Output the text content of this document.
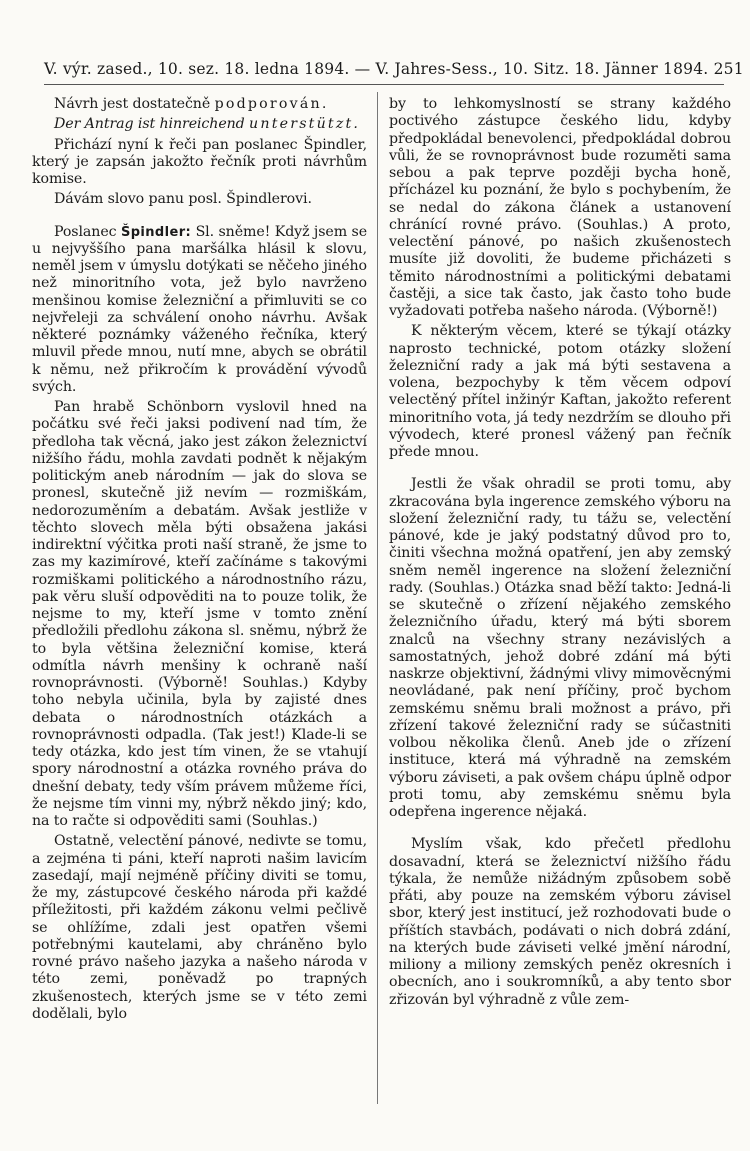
V. výr. zased., 10. sez. 18. ledna 1894. — V. Jahres-Sess., 10. Sitz. 18. Jänner 1894. 251

Návrh jest dostatečně podporován.

Der Antrag ist hinreichend unterstützt.

Přichází nyní k řeči pan poslanec Špindler, který je zapsán jakožto řečník proti návrhům komise.

Dávám slovo panu posl. Špindlerovi.

Poslanec Špindler: Sl. sněme! Když jsem se u nejvyššího pana maršálka hlásil k slovu, neměl jsem v úmyslu dotýkati se něčeho jiného než minoritního vota, jež bylo navrženo menšinou komise železniční a přimluviti se co nejvřeleji za schválení onoho návrhu. Avšak některé poznámky váženého řečníka, který mluvil přede mnou, nutí mne, abych se obrátil k němu, než přikročím k provádění vývodů svých.

Pan hrabě Schönborn vyslovil hned na počátku své řeči jaksi podivení nad tím, že předloha tak věcná, jako jest zákon železnictví nižšího řádu, mohla zavdati podnět k nějakým politickým aneb národním — jak do slova se pronesl, skutečně již nevím — rozmiškám, nedorozuměním a debatám. Avšak jestliže v těchto slovech měla býti obsažena jakási indirektní výčitka proti naší straně, že jsme to zas my kazimírové, kteří začínáme s takovými rozmiškami politického a národnostního rázu, pak věru sluší odpověditi na to pouze tolik, že nejsme to my, kteří jsme v tomto znění předložili předlohu zákona sl. sněmu, nýbrž že to byla většina železniční komise, která odmítla návrh menšiny k ochraně naší rovnoprávnosti. (Výborně! Souhlas.) Kdyby toho nebyla učinila, byla by zajisté dnes debata o národnostních otázkách a rovnoprávnosti odpadla. (Tak jest!) Klade-li se tedy otázka, kdo jest tím vinen, že se vtahují spory národnostní a otázka rovného práva do dnešní debaty, tedy vším právem můžeme říci, že nejsme tím vinni my, nýbrž někdo jiný; kdo, na to račte si odpověditi sami (Souhlas.)

Ostatně, velectění pánové, nedivte se tomu, a zejména ti páni, kteří naproti našim lavicím zasedají, mají nejméně příčiny diviti se tomu, že my, zástupcové českého národa při každé příležitosti, při každém zákonu velmi pečlivě se ohlížíme, zdali jest opatřen všemi potřebnými kautelami, aby chráněno bylo rovné právo našeho jazyka a našeho národa v této zemi, poněvadž po trapných zkušenostech, kterých jsme se v této zemi dodělali, bylo

by to lehkomyslností se strany každého poctivého zástupce českého lidu, kdyby předpokládal benevolenci, předpokládal dobrou vůli, že se rovnoprávnost bude rozuměti sama sebou a pak teprve později bycha honě, přícházel ku poznání, že bylo s pochybením, že se nedal do zákona článek a ustanovení chránící rovné právo. (Souhlas.) A proto, velectění pánové, po našich zkušenostech musíte již dovoliti, že budeme přicházeti s těmito národnostními a politickými debatami častěji, a sice tak často, jak často toho bude vyžadovati potřeba našeho národa. (Výborně!)

K některým věcem, které se týkají otázky naprosto technické, potom otázky složení železniční rady a jak má býti sestavena a volena, bezpochyby k těm věcem odpoví velectěný přítel inžinýr Kaftan, jakožto referent minoritního vota, já tedy nezdržím se dlouho při vývodech, které pronesl vážený pan řečník přede mnou.

Jestli že však ohradil se proti tomu, aby zkracována byla ingerence zemského výboru na složení železniční rady, tu tážu se, velectění pánové, kde je jaký podstatný důvod pro to, činiti všechna možná opatření, jen aby zemský sněm neměl ingerence na složení železniční rady. (Souhlas.) Otázka snad běží takto: Jedná-li se skutečně o zřízení nějakého zemského železničního úřadu, který má býti sborem znalců na všechny strany nezávislých a samostatných, jehož dobré zdání má býti naskrze objektivní, žádnými vlivy mimověcnými neovládané, pak není příčiny, proč bychom zemskému sněmu brali možnost a právo, při zřízení takové železniční rady se súčastniti volbou několika členů. Aneb jde o zřízení instituce, která má výhradně na zemském výboru záviseti, a pak ovšem chápu úplně odpor proti tomu, aby zemskému sněmu byla odepřena ingerence nějaká.

Myslím však, kdo přečetl předlohu dosavadní, která se železnictví nižšího řádu týkala, že nemůže nižádným způsobem sobě přáti, aby pouze na zemském výboru závisel sbor, který jest institucí, jež rozhodovati bude o příštích stavbách, podávati o nich dobrá zdání, na kterých bude záviseti velké jmění národní, miliony a miliony zemských peněz okresních i obecních, ano i soukromníků, a aby tento sbor zřizován byl výhradně z vůle zem-
